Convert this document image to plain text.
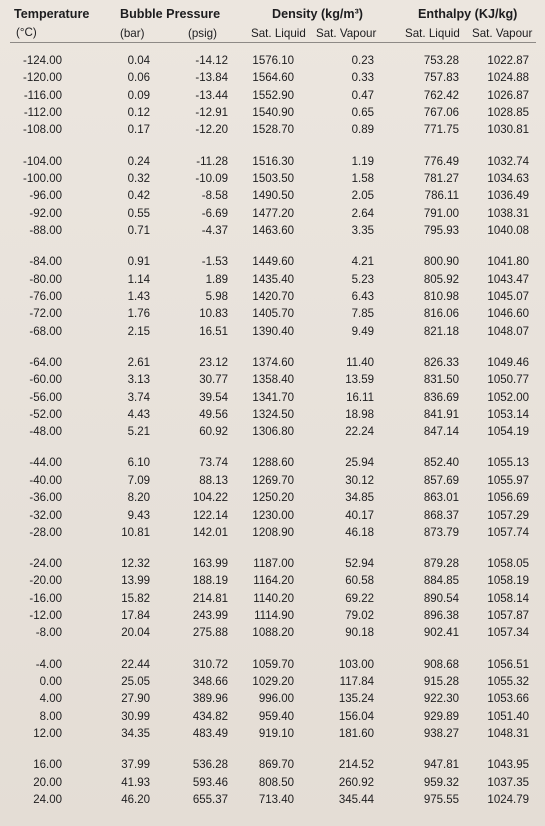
Temperature Bubble Pressure	Density (kg/m³)	Enthalpy (KJ/kg)
(°C)	(bar)	(psig)	Sat. Liquid Sat. Vapour Sat. Liquid Sat. Vapour
-124.00	0.04	-14.12	1576.10	0.23	753.28	1022.87
-120.00	0.06	-13.84	1564.60	0.33	757.83	1024.88
-116.00	0.09	-13.44	1552.90	0.47	762.42	1026.87
-112.00	0.12	-12.91	1540.90	0.65	767.06	1028.85
-108.00	0.17	-12.20	1528.70	0.89	771.75	1030.81
-104.00	0.24	-11.28	1516.30	1.19	776.49	1032.74
-100.00	0.32	-10.09	1503.50	1.58	781.27	1034.63
-96.00	0.42	-8.58	1490.50	2.05	786.11	1036.49
-92.00	0.55	-6.69	1477.20	2.64	791.00	1038.31
-88.00	0.71	-4.37	1463.60	3.35	795.93	1040.08
-84.00	0.91	-1.53	1449.60	4.21	800.90	1041.80
-80.00	1.14	1.89	1435.40	5.23	805.92	1043.47
-76.00	1.43	5.98	1420.70	6.43	810.98	1045.07
-72.00	1.76	10.83	1405.70	7.85	816.06	1046.60
-68.00	2.15	16.51	1390.40	9.49	821.18	1048.07
-64.00	2.61	23.12	1374.60	11.40	826.33	1049.46
-60.00	3.13	30.77	1358.40	13.59	831.50	1050.77
-56.00	3.74	39.54	1341.70	16.11	836.69	1052.00
-52.00	4.43	49.56	1324.50	18.98	841.91	1053.14
-48.00	5.21	60.92	1306.80	22.24	847.14	1054.19
-44.00	6.10	73.74	1288.60	25.94	852.40	1055.13
-40.00	7.09	88.13	1269.70	30.12	857.69	1055.97
-36.00	8.20	104.22	1250.20	34.85	863.01	1056.69
-32.00	9.43	122.14	1230.00	40.17	868.37	1057.29
-28.00	10.81	142.01	1208.90	46.18	873.79	1057.74
-24.00	12.32	163.99	1187.00	52.94	879.28	1058.05
-20.00	13.99	188.19	1164.20	60.58	884.85	1058.19
-16.00	15.82	214.81	1140.20	69.22	890.54	1058.14
-12.00	17.84	243.99	1114.90	79.02	896.38	1057.87
-8.00	20.04	275.88	1088.20	90.18	902.41	1057.34
-4.00	22.44	310.72	1059.70	103.00	908.68	1056.51
0.00	25.05	348.66	1029.20	117.84	915.28	1055.32
4.00	27.90	389.96	996.00	135.24	922.30	1053.66
8.00	30.99	434.82	959.40	156.04	929.89	1051.40
12.00	34.35	483.49	919.10	181.60	938.27	1048.31
16.00	37.99	536.28	869.70	214.52	947.81	1043.95
20.00	41.93	593.46	808.50	260.92	959.32	1037.35
24.00	46.20	655.37	713.40	345.44	975.55	1024.79
